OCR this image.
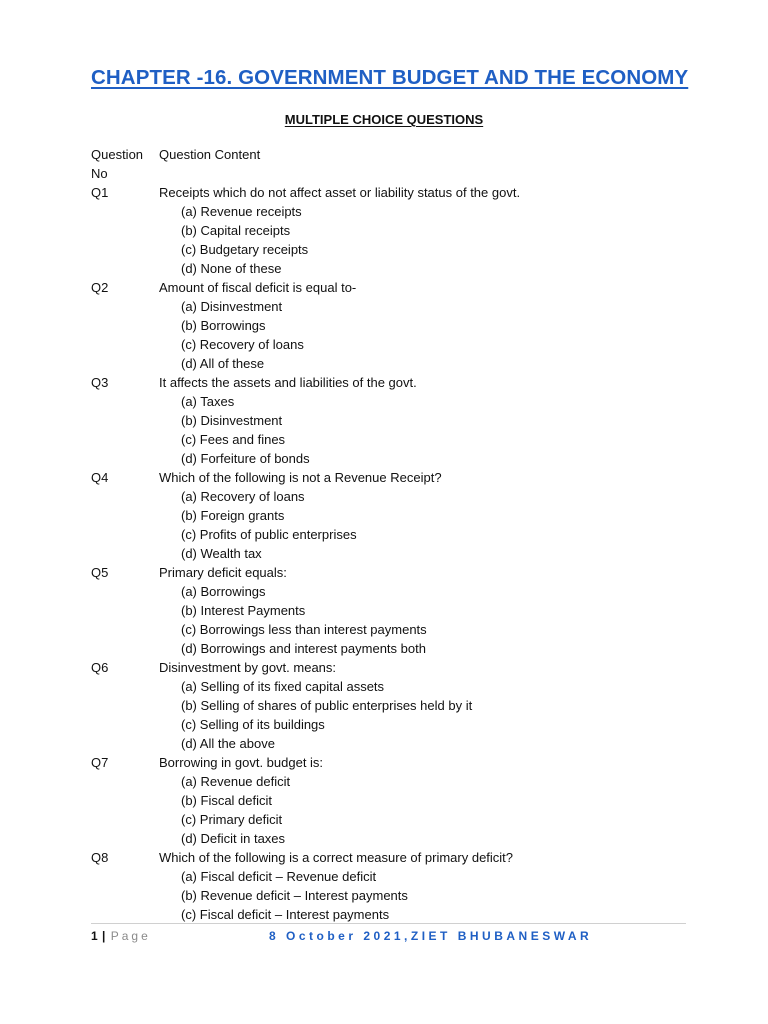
CHAPTER -16. GOVERNMENT BUDGET AND THE ECONOMY
MULTIPLE CHOICE QUESTIONS
Question	Question Content
No
Q1	Receipts which do not affect asset or liability status of the govt.
(a) Revenue receipts
(b) Capital receipts
(c) Budgetary receipts
(d) None of these
Q2	Amount of fiscal deficit is equal to-
(a) Disinvestment
(b) Borrowings
(c) Recovery of loans
(d) All of these
Q3	It affects the assets and liabilities of the govt.
(a) Taxes
(b) Disinvestment
(c) Fees and fines
(d) Forfeiture of bonds
Q4	Which of the following is not a Revenue Receipt?
(a) Recovery of loans
(b) Foreign grants
(c) Profits of public enterprises
(d) Wealth tax
Q5	Primary deficit equals:
(a) Borrowings
(b) Interest Payments
(c) Borrowings less than interest payments
(d) Borrowings and interest payments both
Q6	Disinvestment by govt. means:
(a) Selling of its fixed capital assets
(b) Selling of shares of public enterprises held by it
(c) Selling of its buildings
(d) All the above
Q7	Borrowing in govt. budget is:
(a) Revenue deficit
(b) Fiscal deficit
(c) Primary deficit
(d) Deficit in taxes
Q8	Which of the following is a correct measure of primary deficit?
(a) Fiscal deficit – Revenue deficit
(b) Revenue deficit – Interest payments
(c) Fiscal deficit – Interest payments
1 | Page	8 October 2021,ZIET BHUBANESWAR
